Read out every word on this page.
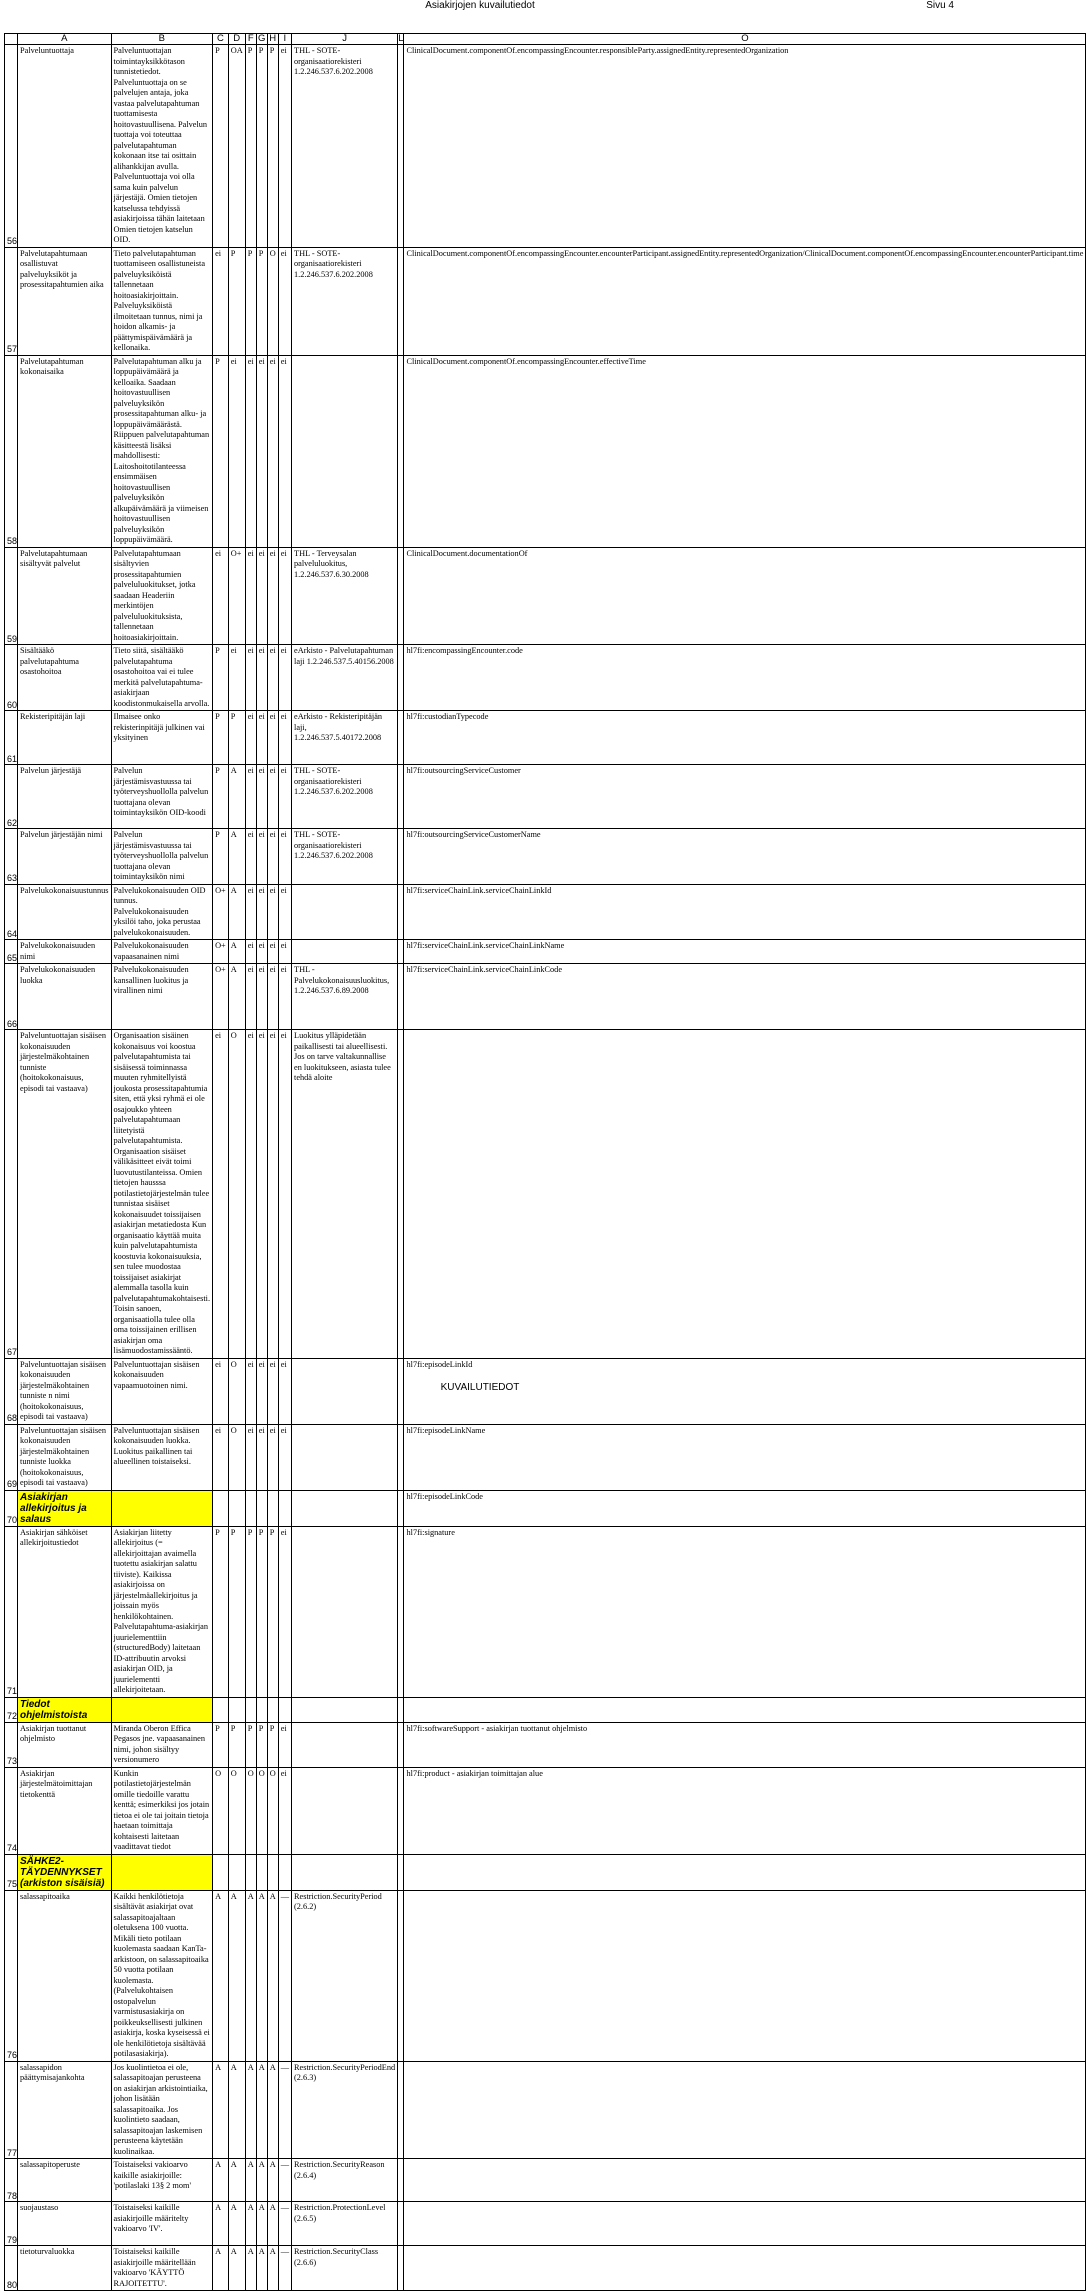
Asiakirjojen kuvailutiedot	Sivu 4
	A	B	C	D	F	G	H	I	J	L	O
56	Palveluntuottaja	Palveluntuottajan toimintayksikkötason tunnistetiedot. Palveluntuottaja on se palvelujen antaja, joka vastaa palvelutapahtuman tuottamisesta hoitovastuullisena. Palvelun tuottaja voi toteuttaa palvelutapahtuman kokonaan itse tai osittain alihankkijan avulla. Palveluntuottaja voi olla sama kuin palvelun järjestäjä. Omien tietojen katselussa tehdyissä asiakirjoissa tähän laitetaan Omien tietojen katselun OID.	P	OA	P	P	P	ei	THL - SOTE-organisaatiorekisteri 1.2.246.537.6.202.2008		ClinicalDocument.componentOf.encompassingEncounter.responsibleParty.assignedEntity.representedOrganization
57	Palvelutapahtumaan osallistuvat palveluyksiköt ja prosessitapahtumien aika	Tieto palvelutapahtuman tuottamiseen osallistuneista palveluyksiköistä tallennetaan hoitoasiakirjoittain. Palveluyksiköistä ilmoitetaan tunnus, nimi ja hoidon alkamis- ja päättymispäivämäärä ja kellonaika.	ei	P	P	P	O	ei	THL - SOTE-organisaatiorekisteri 1.2.246.537.6.202.2008		ClinicalDocument.componentOf.encompassingEncounter.encounterParticipant.assignedEntity.representedOrganization/ClinicalDocument.componentOf.encompassingEncounter.encounterParticipant.time
58	Palvelutapahtuman kokonaisaika	Palvelutapahtuman alku ja loppupäivämäärä ja kelloaika. Saadaan hoitovastuullisen palveluyksikön prosessitapahtuman alku- ja loppupäivämäärästä. Riippuen palvelutapahtuman käsitteestä lisäksi mahdollisesti: Laitoshoitotilanteessa ensimmäisen hoitovastuullisen palveluyksikön alkupäivämäärä ja viimeisen hoitovastuullisen palveluyksikön loppupäivämäärä.	P	ei	ei	ei	ei	ei			ClinicalDocument.componentOf.encompassingEncounter.effectiveTime
59	Palvelutapahtumaan sisältyvät palvelut	Palvelutapahtumaan sisältyvien prosessitapahtumien palveluluokitukset, jotka saadaan Headeriin merkintöjen palveluluokituksista, tallennetaan hoitoasiakirjoittain.	ei	O+	ei	ei	ei	ei	THL - Terveysalan palveluluokitus, 1.2.246.537.6.30.2008		ClinicalDocument.documentationOf
60	Sisältääkö palvelutapahtuma osastohoitoa	Tieto siitä, sisältääkö palvelutapahtuma osastohoitoa vai ei tulee merkitä palvelutapahtuma-asiakirjaan koodistonmukaisella arvolla.	P	ei	ei	ei	ei	ei	eArkisto - Palvelutapahtuman laji 1.2.246.537.5.40156.2008		hl7fi:encompassingEncounter.code
61	Rekisteripitäjän laji	Ilmaisee onko rekisterinpitäjä julkinen vai yksityinen	P	P	ei	ei	ei	ei	eArkisto - Rekisteripitäjän laji, 1.2.246.537.5.40172.2008		hl7fi:custodianTypecode
62	Palvelun järjestäjä	Palvelun järjestämisvastuussa tai työterveyshuollolla palvelun tuottajana olevan toimintayksikön OID-koodi	P	A	ei	ei	ei	ei	THL - SOTE-organisaatiorekisteri 1.2.246.537.6.202.2008		hl7fi:outsourcingServiceCustomer
63	Palvelun järjestäjän nimi	Palvelun järjestämisvastuussa tai työterveyshuollolla palvelun tuottajana olevan toimintayksikön nimi	P	A	ei	ei	ei	ei	THL - SOTE-organisaatiorekisteri 1.2.246.537.6.202.2008		hl7fi:outsourcingServiceCustomerName
64	Palvelukokonaisuustunnus	Palvelukokonaisuuden OID tunnus. Palvelukokonaisuuden yksilöi taho, joka perustaa palvelukokonaisuuden.	O+	A	ei	ei	ei	ei			hl7fi:serviceChainLink.serviceChainLinkId
65	Palvelukokonaisuuden nimi	Palvelukokonaisuuden vapaasanainen nimi	O+	A	ei	ei	ei	ei			hl7fi:serviceChainLink.serviceChainLinkName
66	Palvelukokonaisuuden luokka	Palvelukokonaisuuden kansallinen luokitus ja virallinen nimi	O+	A	ei	ei	ei	ei	THL - Palvelukokonaisuusluokitus, 1.2.246.537.6.89.2008		hl7fi:serviceChainLink.serviceChainLinkCode
67	Palveluntuottajan sisäisen kokonaisuuden järjestelmäkohtainen tunniste (hoitokokonaisuus, episodi tai vastaava)	Organisaation sisäinen kokonaisuus voi koostua palvelutapahtumista tai sisäisessä toiminnassa muuten ryhmitellyistä joukosta prosessitapahtumia siten, että yksi ryhmä ei ole osajoukko yhteen palvelutapahtumaan liitetyistä palvelutapahtumista. Organisaation sisäiset välikäsitteet eivät toimi luovutustilanteissa. Omien tietojen hausssa potilastietojärjestelmän tulee tunnistaa sisäiset kokonaisuudet toissijaisen asiakirjan metatiedosta Kun organisaatio käyttää muita kuin palvelutapahtumista koostuvia kokonaisuuksia, sen tulee muodostaa toissijaiset asiakirjat alemmalla tasolla kuin palvelutapahtumakohtaisesti. Toisin sanoen, organisaatiolla tulee olla oma toissijainen erillisen asiakirjan oma lisämuodostamissääntö.	ei	O	ei	ei	ei	ei	Luokitus ylläpidetään paikallisesti tai alueellisesti. Jos on tarve valtakunnallise en luokitukseen, asiasta tulee tehdä aloite		
68	Palveluntuottajan sisäisen kokonaisuuden järjestelmäkohtainen tunniste n nimi (hoitokokonaisuus, episodi tai vastaava)	Palveluntuottajan sisäisen kokonaisuuden vapaamuotoinen nimi.	ei	O	ei	ei	ei	ei			hl7fi:episodeLinkId
69	Palveluntuottajan sisäisen kokonaisuuden järjestelmäkohtainen tunniste luokka (hoitokokonaisuus, episodi tai vastaava)	Palveluntuottajan sisäisen kokonaisuuden luokka. Luokitus paikallinen tai alueellinen toistaiseksi.	ei	O	ei	ei	ei	ei			hl7fi:episodeLinkName
70	Asiakirjan allekirjoitus ja salaus										hl7fi:episodeLinkCode
71	Asiakirjan sähköiset allekirjoitustiedot	Asiakirjan liitetty allekirjoitus (= allekirjoittajan avaimella tuotettu asiakirjan salattu tiiviste). Kaikissa asiakirjoissa on järjestelmäallekirjoitus ja joissain myös henkilökohtainen. Palvelutapahtuma-asiakirjan juurielementtiin (structuredBody) laitetaan ID-attribuutin arvoksi asiakirjan OID, ja juurielementti allekirjoitetaan.	P	P	P	P	P	ei			hl7fi:signature
72	Tiedot ohjelmistoista										
73	Asiakirjan tuottanut ohjelmisto	Miranda Oberon Effica Pegasos jne. vapaasanainen nimi, johon sisältyy versionumero	P	P	P	P	P	ei			hl7fi:softwareSupport - asiakirjan tuottanut ohjelmisto
74	Asiakirjan järjestelmätoimittajan tietokenttä	Kunkin potilastietojärjestelmän omille tiedoille varattu kenttä; esimerkiksi jos jotain tietoa ei ole tai joitain tietoja haetaan toimittaja kohtaisesti laitetaan vaadittavat tiedot	O	O	O	O	O	ei			hl7fi:product - asiakirjan toimittajan alue
75	SÄHKE2-TÄYDENNYKSET (arkiston sisäisiä)										
76	salassapitoaika	Kaikki henkilötietoja sisältävät asiakirjat ovat salassapitoajaltaan oletuksena 100 vuotta. Mikäli tieto potilaan kuolemasta saadaan KanTa-arkistoon, on salassapitoaika 50 vuotta potilaan kuolemasta. (Palvelukohtaisen ostopalvelun varmistusasiakirja on poikkeuksellisesti julkinen asiakirja, koska kyseisessä ei ole henkilötietoja sisältävää potilasasiakirja).	A	A	A	A	A	—	Restriction.SecurityPeriod (2.6.2)		
77	salassapidon päättymisajankohta	Jos kuolintietoa ei ole, salassapitoajan perusteena on asiakirjan arkistointiaika, johon lisätään salassapitoaika. Jos kuolintieto saadaan, salassapitoajan laskemisen perusteena käytetään kuolinaikaa.	A	A	A	A	A	—	Restriction.SecurityPeriodEnd (2.6.3)		
78	salassapitoperuste	Toistaiseksi vakioarvo kaikille asiakirjoille: 'potilaslaki 13§ 2 mom'	A	A	A	A	A	—	Restriction.SecurityReason (2.6.4)		
79	suojaustaso	Toistaiseksi kaikille asiakirjoille määritelty vakioarvo 'IV'.	A	A	A	A	A	—	Restriction.ProtectionLevel (2.6.5)		
80	tietoturvaluokka	Toistaiseksi kaikille asiakirjoille määritellään vakioarvo 'KÄYTTÖ RAJOITETTU'.	A	A	A	A	A	—	Restriction.SecurityClass (2.6.6)		
KUVAILUTIEDOT
